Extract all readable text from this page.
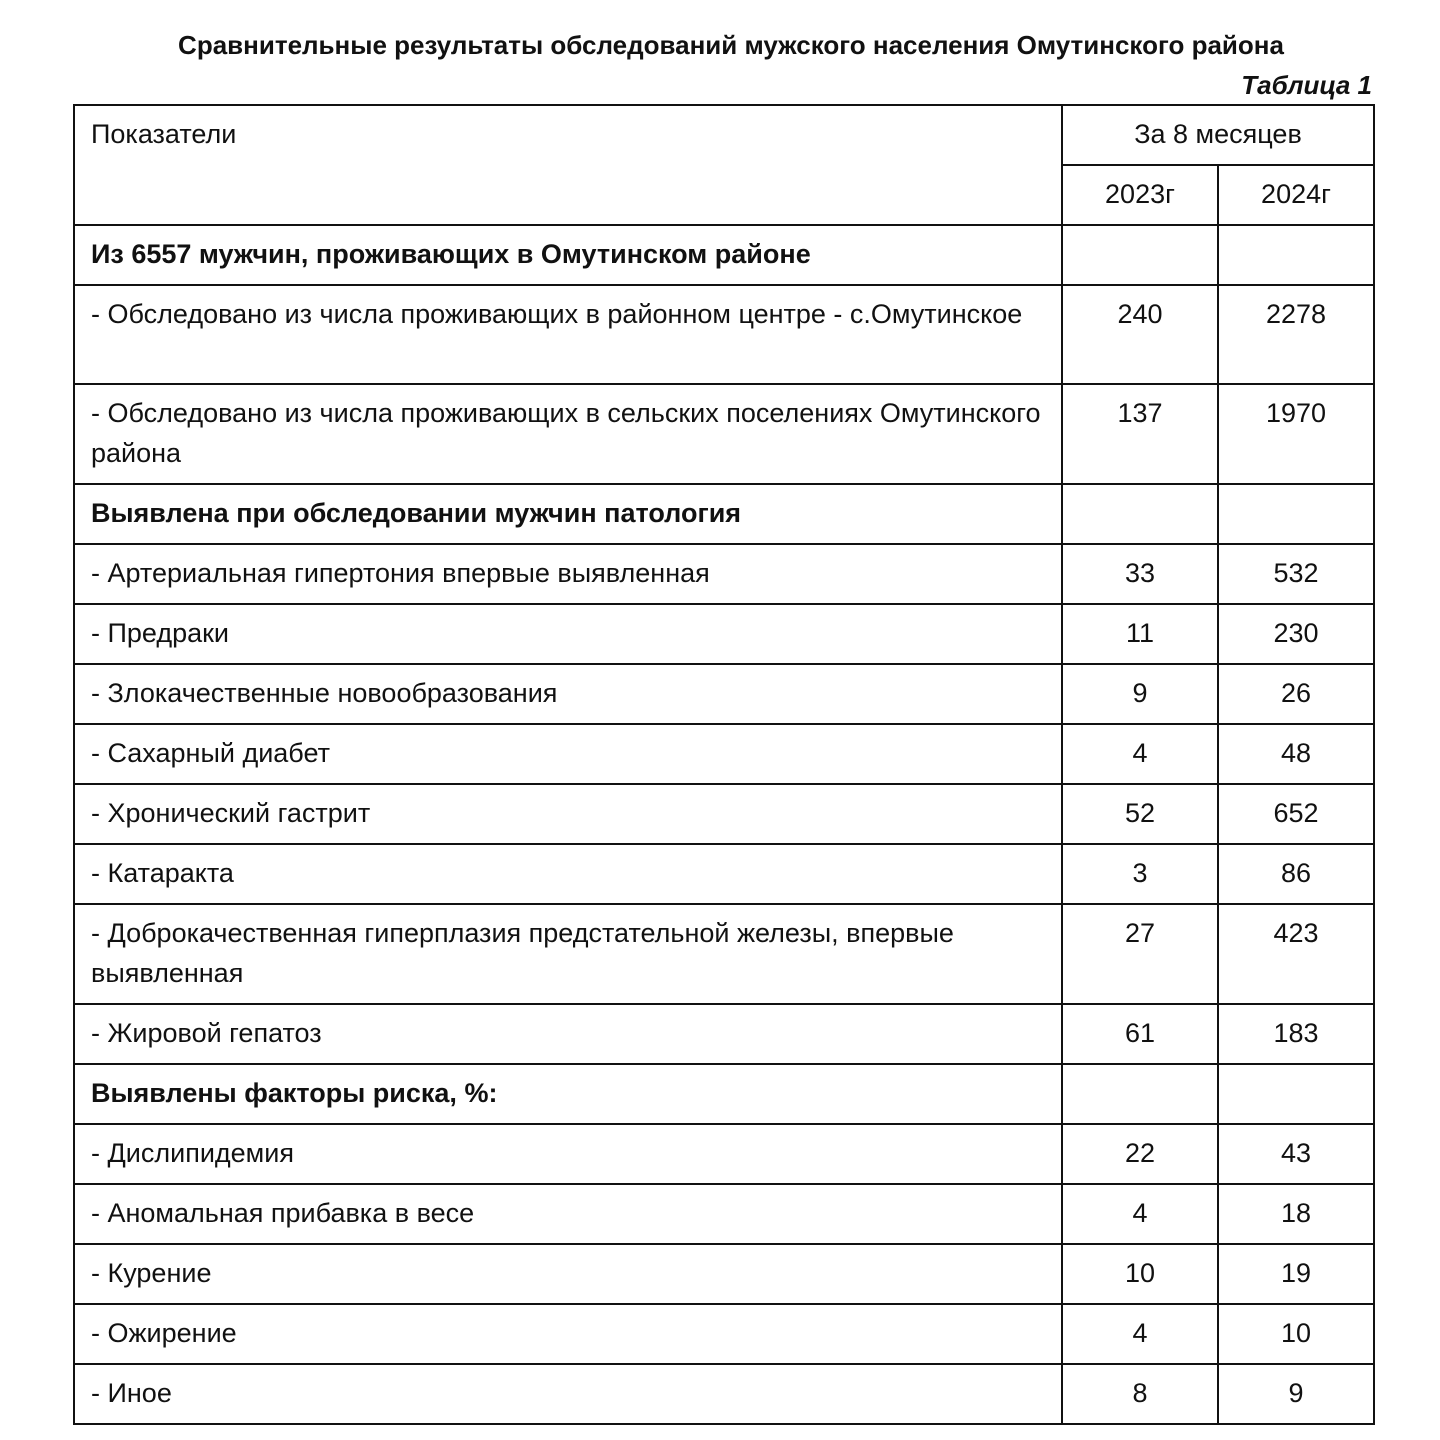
Сравнительные результаты обследований мужского населения Омутинского района
Таблица 1
Показатели	За 8 месяцев	
	2023г	2024г
Из 6557 мужчин, проживающих в Омутинском районе		
- Обследовано из числа проживающих в районном центре - с.Омутинское	240	2278
- Обследовано из числа проживающих в сельских поселениях Омутинского района	137	1970
Выявлена при обследовании мужчин патология		
- Артериальная гипертония впервые выявленная	33	532
- Предраки	11	230
- Злокачественные новообразования	9	26
- Сахарный диабет	4	48
- Хронический гастрит	52	652
- Катаракта	3	86
- Доброкачественная гиперплазия предстательной железы, впервые выявленная	27	423
- Жировой гепатоз	61	183
Выявлены факторы риска, %:		
- Дислипидемия	22	43
- Аномальная прибавка в весе	4	18
- Курение	10	19
- Ожирение	4	10
- Иное	8	9
